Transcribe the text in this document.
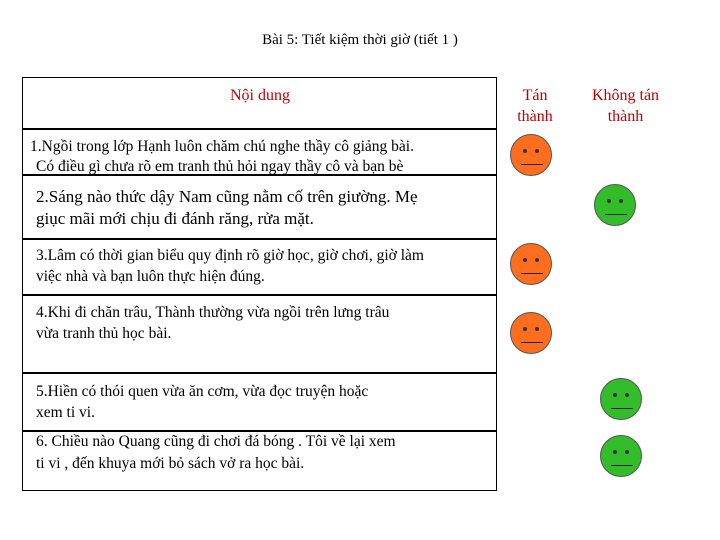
Bài 5: Tiết kiệm thời giờ (tiết 1 )
Nội dung	Tán
thành
Không tán
thành
1.Ngồi trong lớp Hạnh luôn chăm chú nghe thầy cô giảng bài.
Có điều gì chưa rõ em tranh thủ hỏi ngay thầy cô và bạn bè
2.Sáng nào thức dậy Nam cũng nằm cố trên giường. Mẹ
giục mãi mới chịu đi đánh răng, rửa mặt.
3.Lâm có thời gian biểu quy định rõ giờ học, giờ chơi, giờ làm
việc nhà và bạn luôn thực hiện đúng.
4.Khi đi chăn trâu, Thành thường vừa ngồi trên lưng trâu
vừa tranh thủ học bài.
5.Hiền có thói quen vừa ăn cơm, vừa đọc truyện hoặc
xem ti vi.
6. Chiều nào Quang cũng đi chơi đá bóng . Tôi về lại xem
ti vi , đến khuya mới bỏ sách vở ra học bài.
